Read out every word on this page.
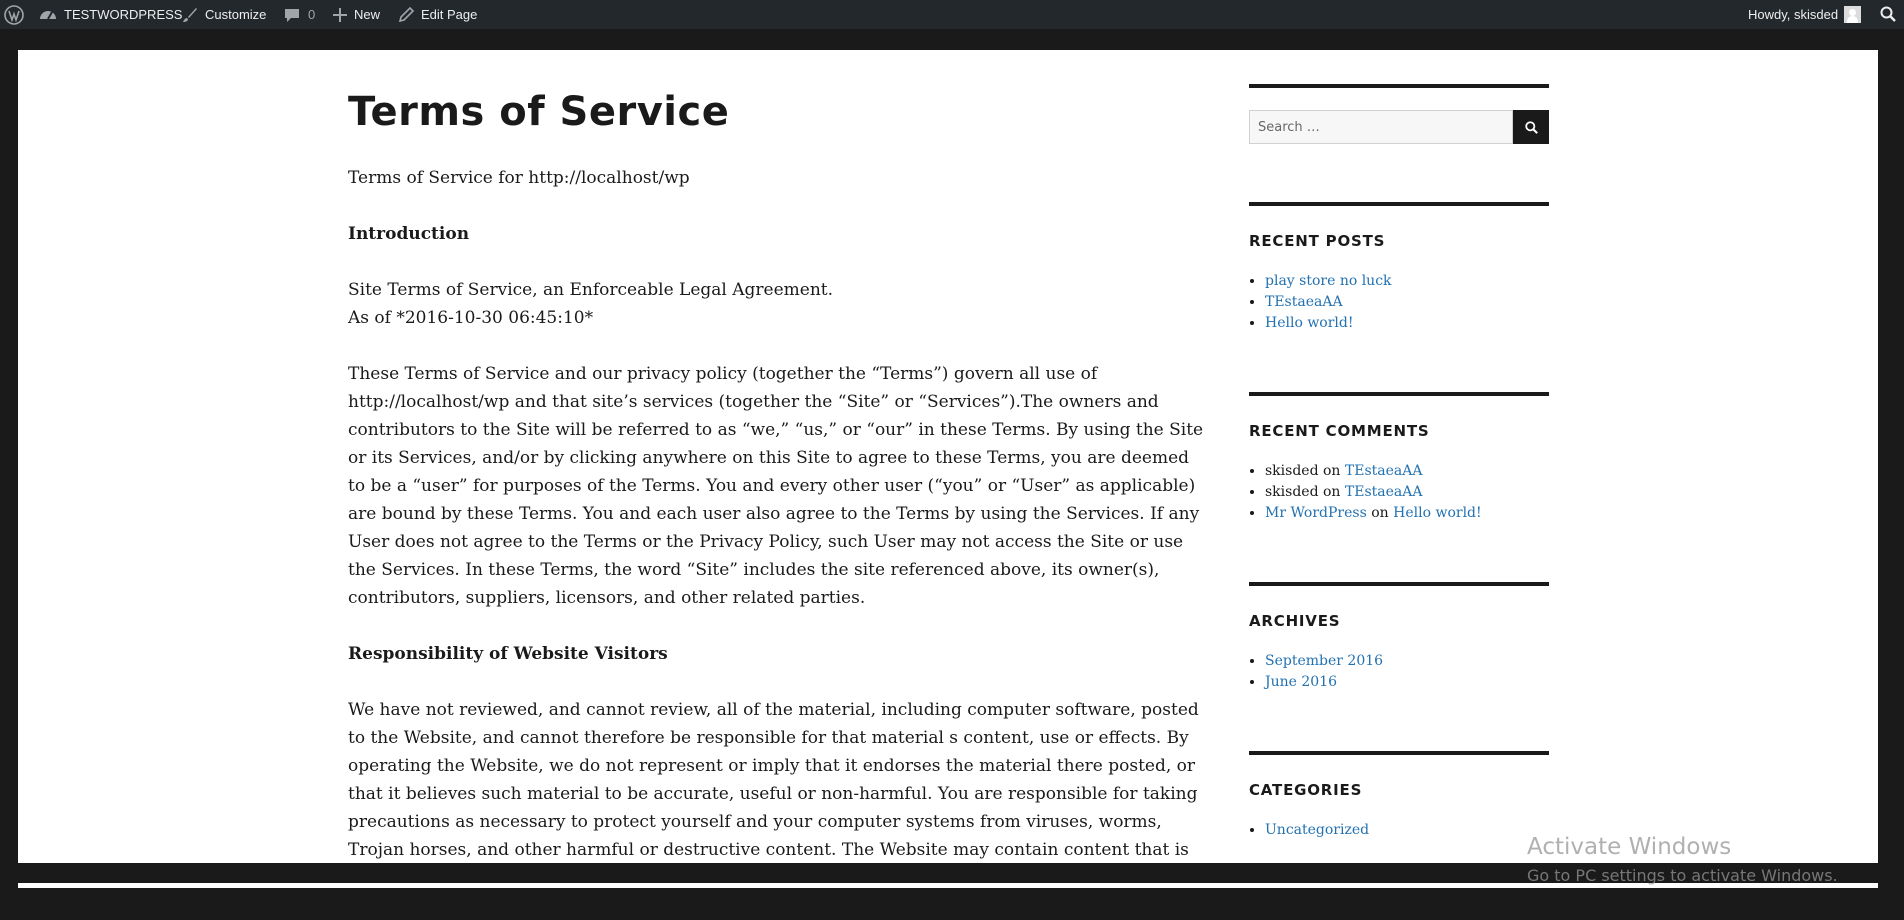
TESTWORDPRESS Customize	0	New	Edit Page	Howdy, skisded
Terms of Service

Terms of Service for http://localhost/wp

Introduction

Site Terms of Service, an Enforceable Legal Agreement.
As of *2016-10-30 06:45:10*

These Terms of Service and our privacy policy (together the “Terms”) govern all use of http://localhost/wp and that site’s services (together the “Site” or “Services”).The owners and contributors to the Site will be referred to as “we,” “us,” or “our” in these Terms. By using the Site or its Services, and/or by clicking anywhere on this Site to agree to these Terms, you are deemed to be a “user” for purposes of the Terms. You and every other user (“you” or “User” as applicable) are bound by these Terms. You and each user also agree to the Terms by using the Services. If any User does not agree to the Terms or the Privacy Policy, such User may not access the Site or use the Services. In these Terms, the word “Site” includes the site referenced above, its owner(s), contributors, suppliers, licensors, and other related parties.

Responsibility of Website Visitors

We have not reviewed, and cannot review, all of the material, including computer software, posted to the Website, and cannot therefore be responsible for that material s content, use or effects. By operating the Website, we do not represent or imply that it endorses the material there posted, or that it believes such material to be accurate, useful or non-harmful. You are responsible for taking precautions as necessary to protect yourself and your computer systems from viruses, worms, Trojan horses, and other harmful or destructive content. The Website may contain content that is

Search …
RECENT POSTS
• play store no luck
• TEstaeaAA
• Hello world!
RECENT COMMENTS
• skisded on TEstaeaAA
• skisded on TEstaeaAA
• Mr WordPress on Hello world!
ARCHIVES
• September 2016
• June 2016
CATEGORIES
• Uncategorized
Activate Windows
Go to PC settings to activate Windows.
